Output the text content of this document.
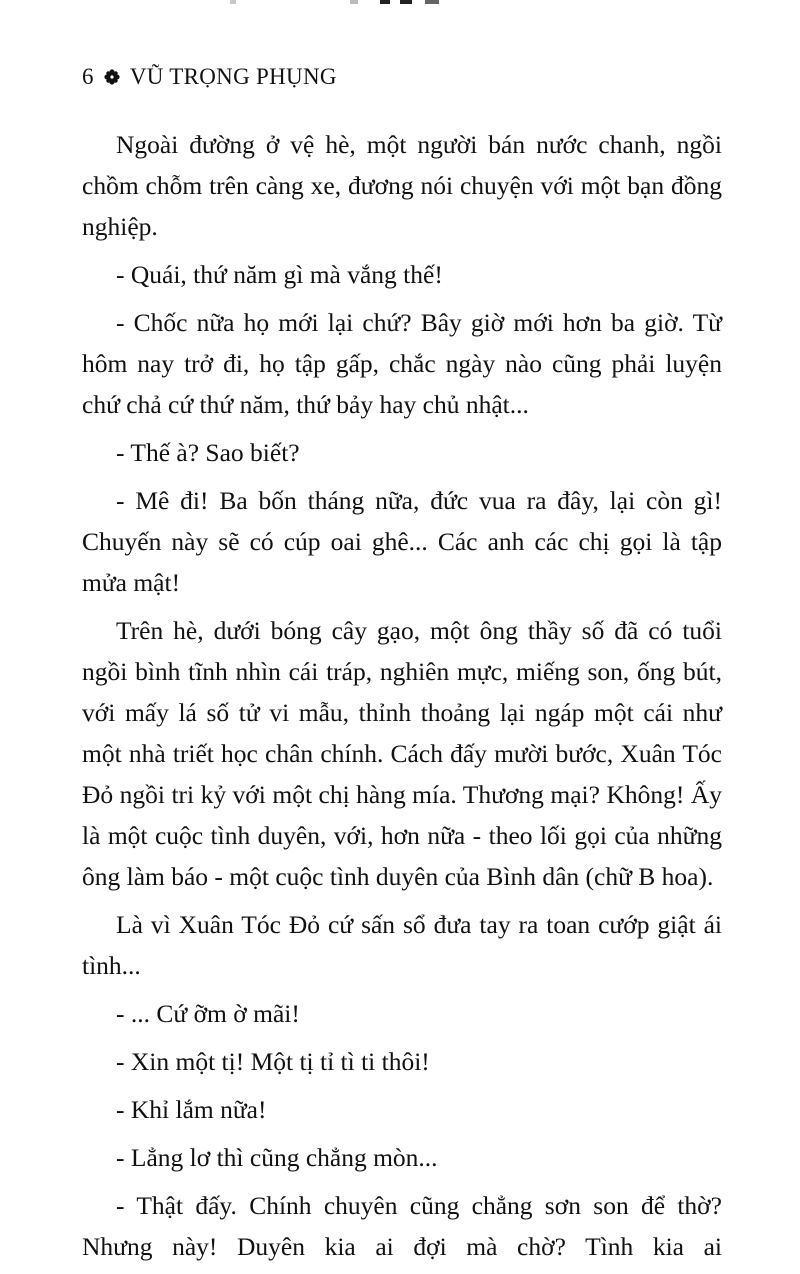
6 VŨ TRỌNG PHỤNG

Ngoài đường ở vệ hè, một người bán nước chanh, ngồi chồm chỗm trên càng xe, đương nói chuyện với một bạn đồng nghiệp.

- Quái, thứ năm gì mà vắng thế!

- Chốc nữa họ mới lại chứ? Bây giờ mới hơn ba giờ. Từ hôm nay trở đi, họ tập gấp, chắc ngày nào cũng phải luyện chứ chả cứ thứ năm, thứ bảy hay chủ nhật...

- Thế à? Sao biết?

- Mê đi! Ba bốn tháng nữa, đức vua ra đây, lại còn gì! Chuyến này sẽ có cúp oai ghê... Các anh các chị gọi là tập mửa mật!

Trên hè, dưới bóng cây gạo, một ông thầy số đã có tuổi ngồi bình tĩnh nhìn cái tráp, nghiên mực, miếng son, ống bút, với mấy lá số tử vi mẫu, thỉnh thoảng lại ngáp một cái như một nhà triết học chân chính. Cách đấy mười bước, Xuân Tóc Đỏ ngồi tri kỷ với một chị hàng mía. Thương mại? Không! Ấy là một cuộc tình duyên, với, hơn nữa - theo lối gọi của những ông làm báo - một cuộc tình duyên của Bình dân (chữ B hoa).

Là vì Xuân Tóc Đỏ cứ sấn sổ đưa tay ra toan cướp giật ái tình...

- ... Cứ ỡm ờ mãi!

- Xin một tị! Một tị tỉ tì ti thôi!

- Khỉ lắm nữa!

- Lẳng lơ thì cũng chẳng mòn...

- Thật đấy. Chính chuyên cũng chẳng sơn son để thờ? Nhưng này! Duyên kia ai đợi mà chờ? Tình kia ai
